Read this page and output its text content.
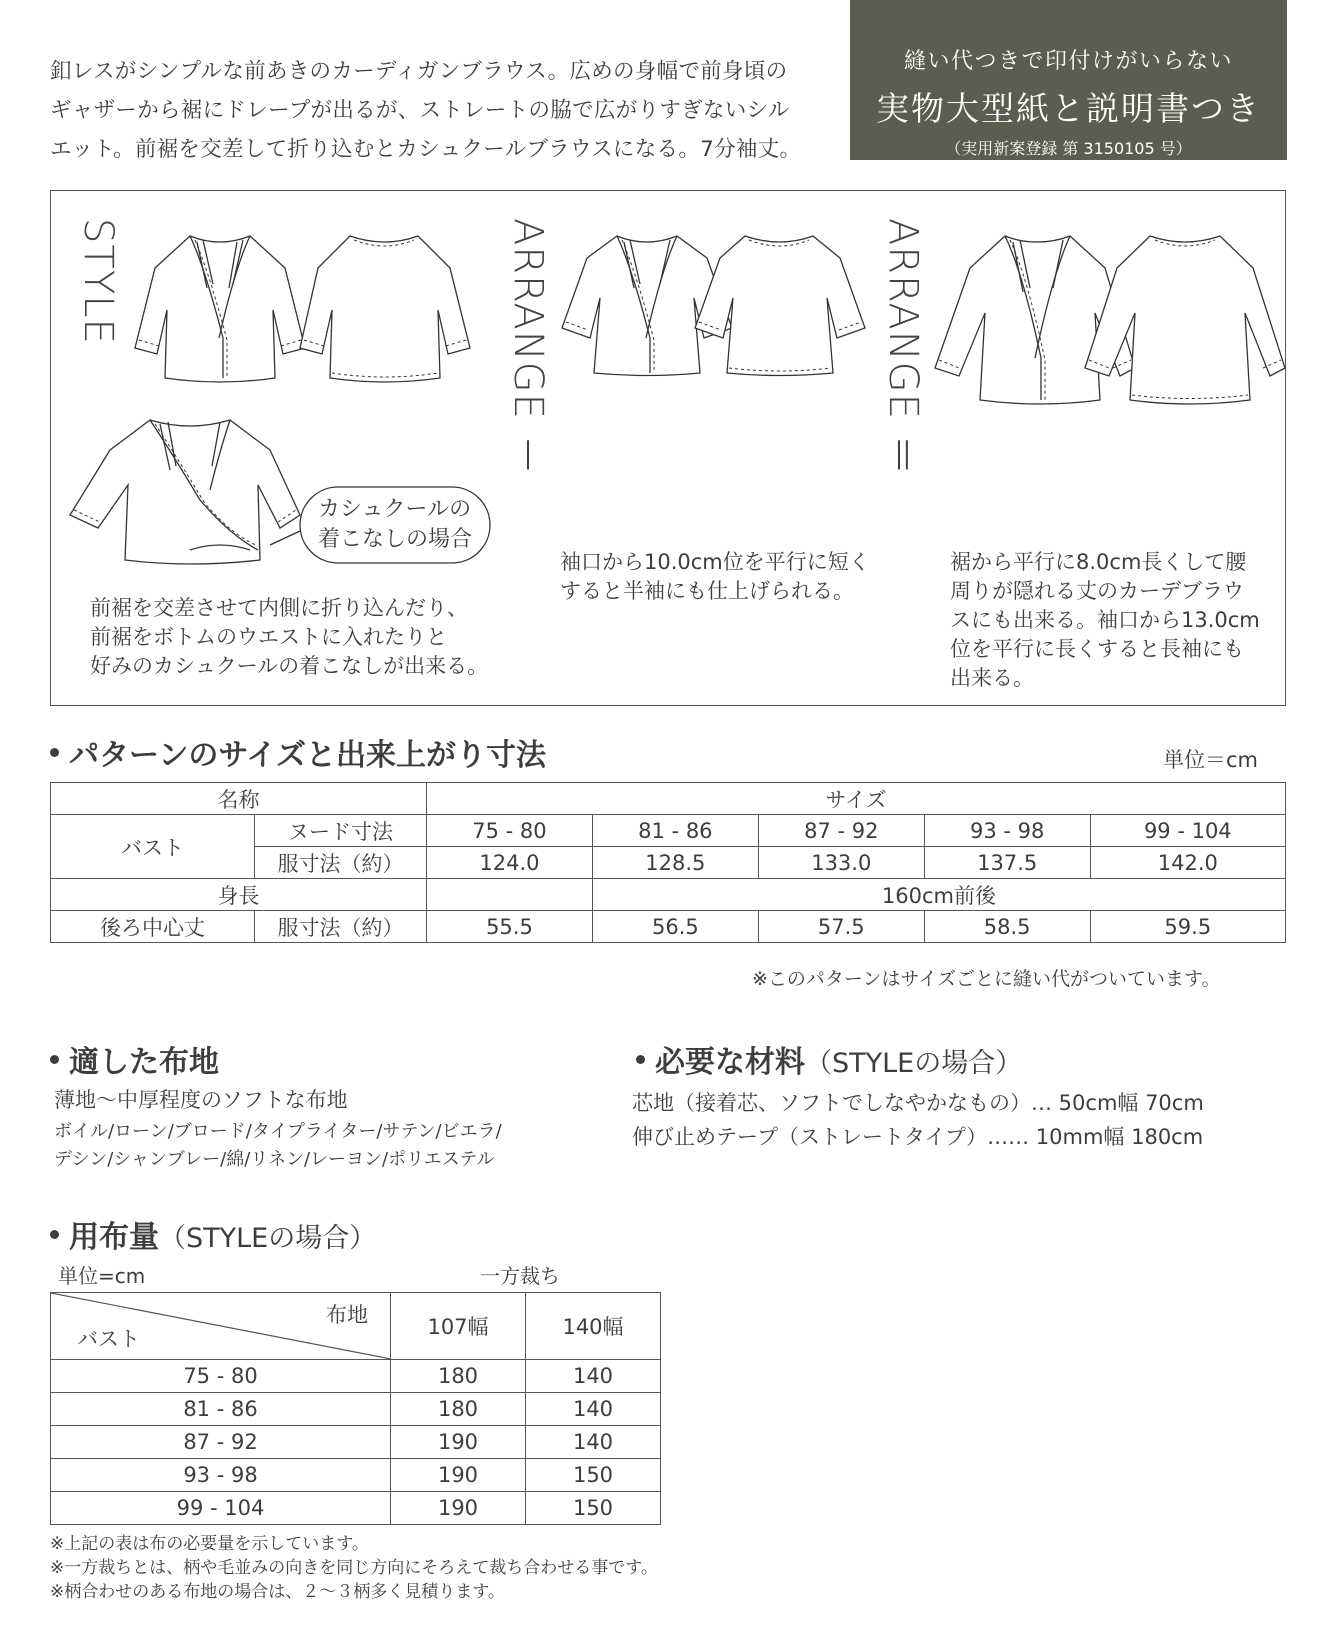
釦レスがシンプルな前あきのカーディガンブラウス。広めの身幅で前身頃の
ギャザーから裾にドレープが出るが、ストレートの脇で広がりすぎないシル
エット。前裾を交差して折り込むとカシュクールブラウスになる。7分袖丈。
縫い代つきで印付けがいらない
実物大型紙と説明書つき
（実用新案登録 第 3150105 号）
STYLE	ARRANGE Ⅰ	ARRANGE Ⅱ
カシュクールの
着こなしの場合
前裾を交差させて内側に折り込んだり、
前裾をボトムのウエストに入れたりと
好みのカシュクールの着こなしが出来る。
袖口から10.0cm位を平行に短く
すると半袖にも仕上げられる。
裾から平行に8.0cm長くして腰
周りが隠れる丈のカーデブラウ
スにも出来る。袖口から13.0cm
位を平行に長くすると長袖にも
出来る。
パターンのサイズと出来上がり寸法	単位＝cm
名称		サイズ				
バスト	ヌード寸法	75 - 80	81 - 86	87 - 92	93 - 98	99 - 104
	服寸法（約）	124.0	128.5	133.0	137.5	142.0
身長			160cm前後			
後ろ中心丈	服寸法（約）	55.5	56.5	57.5	58.5	59.5
※このパターンはサイズごとに縫い代がついています。
適した布地
薄地〜中厚程度のソフトな布地
ボイル/ローン/ブロード/タイプライター/サテン/ビエラ/
デシン/シャンブレー/綿/リネン/レーヨン/ポリエステル
必要な材料（STYLEの場合）
芯地（接着芯、ソフトでしなやかなもの）… 50cm幅 70cm
伸び止めテープ（ストレートタイプ）…… 10mm幅 180cm
用布量（STYLEの場合）
単位=cm	一方裁ち
布地
バスト	107幅	140幅
75 - 80	180	140
81 - 86	180	140
87 - 92	190	140
93 - 98	190	150
99 - 104	190	150
※上記の表は布の必要量を示しています。
※一方裁ちとは、柄や毛並みの向きを同じ方向にそろえて裁ち合わせる事です。
※柄合わせのある布地の場合は、２〜３柄多く見積ります。
